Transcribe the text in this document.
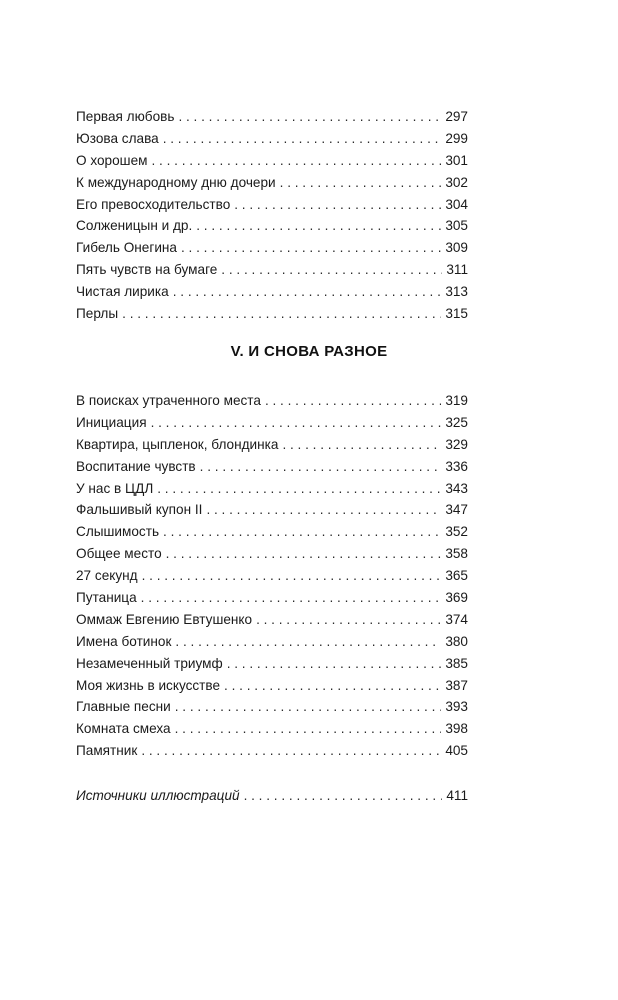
Первая любовь . . .	297
Юзова слава . . .	299
О хорошем . . .	301
К международному дню дочери . . .	302
Его превосходительство . . .	304
Солженицын и др. . . .	305
Гибель Онегина . . .	309
Пять чувств на бумаге . . .	311
Чистая лирика . . .	313
Перлы . . .	315
V. И СНОВА РАЗНОЕ
В поисках утраченного места . . .	319
Инициация . . .	325
Квартира, цыпленок, блондинка . . .	329
Воспитание чувств . . .	336
У нас в ЦДЛ . . .	343
Фальшивый купон II . . .	347
Слышимость . . .	352
Общее место . . .	358
27 секунд . . .	365
Путаница . . .	369
Оммаж Евгению Евтушенко . . .	374
Имена ботинок . . .	380
Незамеченный триумф . . .	385
Моя жизнь в искусстве . . .	387
Главные песни . . .	393
Комната смеха . . .	398
Памятник . . .	405
Источники иллюстраций . . .	411
